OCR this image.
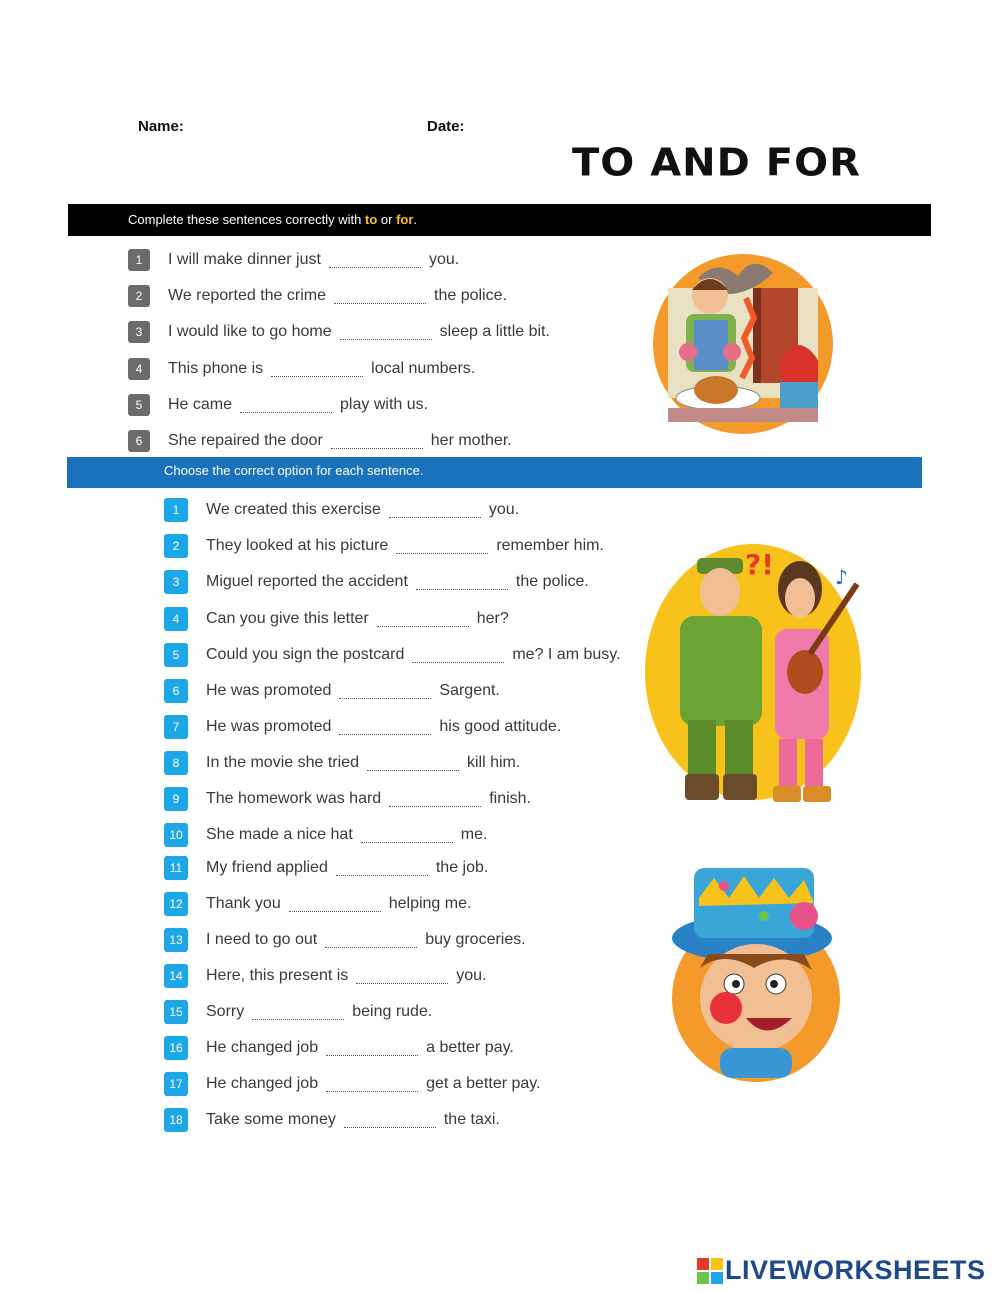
Name:	Date:
TO AND FOR
Complete these sentences correctly with to or for.
1	I will make dinner just	you.
2	We reported the crime	the police.
3	I would like to go home	sleep a little bit.
4	This phone is	local numbers.
5	He came	play with us.
6	She repaired the door	her mother.
Choose the correct option for each sentence.
1	We created this exercise	you.
2	They looked at his picture	remember him.
3	Miguel reported the accident	the police.
4	Can you give this letter	her?
5	Could you sign the postcard	me? I am busy.
6	He was promoted	Sargent.
7	He was promoted	his good attitude.
8	In the movie she tried	kill him.
9	The homework was hard	finish.
10	She made a nice hat	me.
11	My friend applied	the job.
12	Thank you	helping me.
13	I need to go out	buy groceries.
14	Here, this present is	you.
15	Sorry	being rude.
16	He changed job	a better pay.
17	He changed job	get a better pay.
18	Take some money	the taxi.
?!	♪
LIVEWORKSHEETS
